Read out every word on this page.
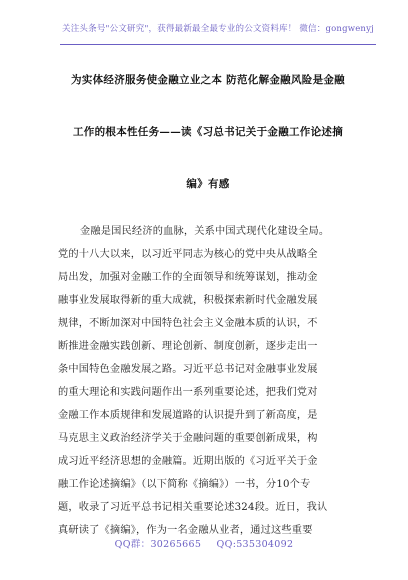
关注头条号"公文研究"，获得最新最全最专业的公文资料库！ 微信：gongwenyj
为实体经济服务使金融立业之本 防范化解金融风险是金融
工作的根本性任务——读《习总书记关于金融工作论述摘
编》有感
金融是国民经济的血脉，关系中国式现代化建设全局。
党的十八大以来，以习近平同志为核心的党中央从战略全
局出发，加强对金融工作的全面领导和统筹谋划，推动金
融事业发展取得新的重大成就，积极探索新时代金融发展
规律，不断加深对中国特色社会主义金融本质的认识，不
断推进金融实践创新、理论创新、制度创新，逐步走出一
条中国特色金融发展之路。习近平总书记对金融事业发展
的重大理论和实践问题作出一系列重要论述，把我们党对
金融工作本质规律和发展道路的认识提升到了新高度，是
马克思主义政治经济学关于金融问题的重要创新成果，构
成习近平经济思想的金融篇。近期出版的《习近平关于金
融工作论述摘编》（以下简称《摘编》）一书，分10个专
题，收录了习近平总书记相关重要论述324段。近日，我认
真研读了《摘编》，作为一名金融从业者，通过这些重要
QQ群：30265665 QQ:535304092
